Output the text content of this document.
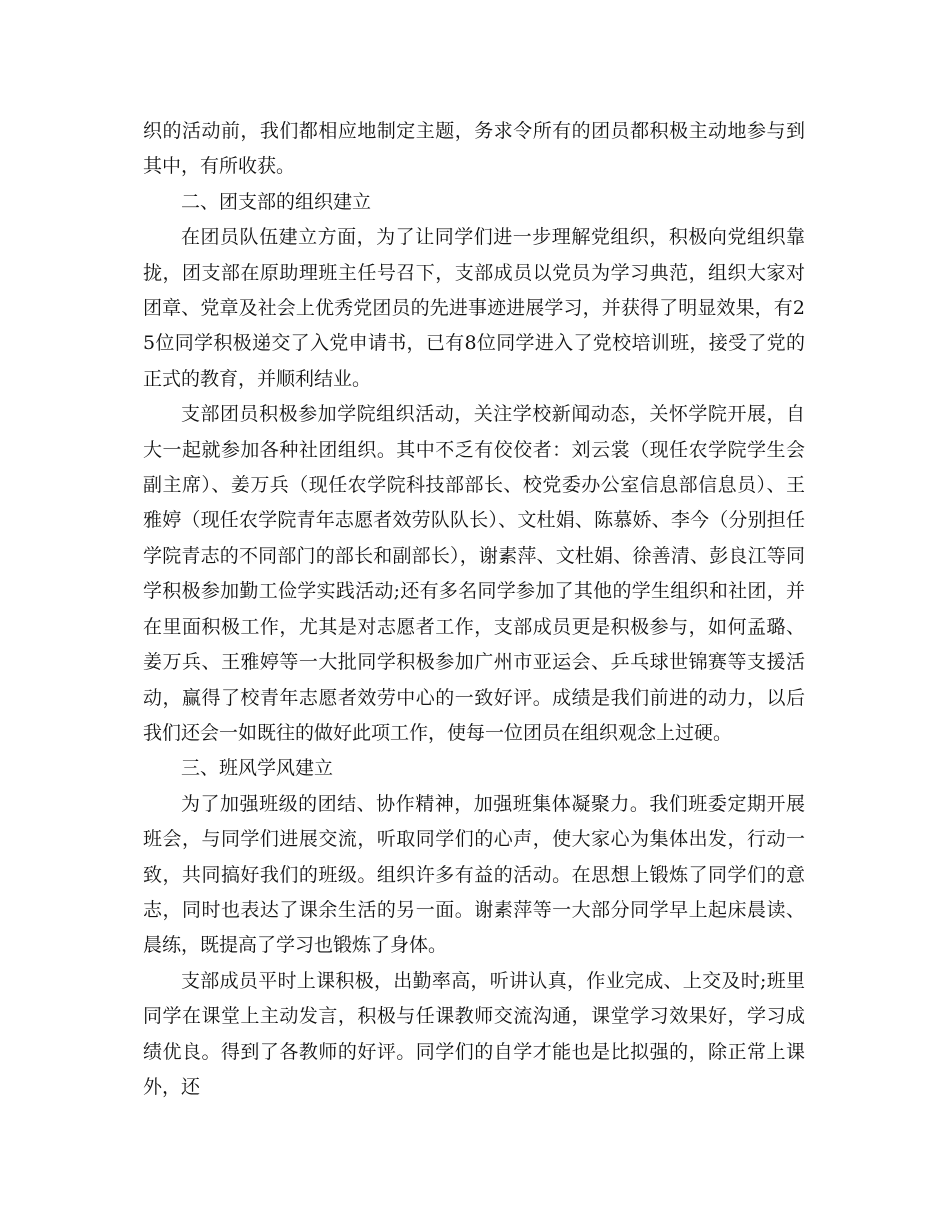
织的活动前，我们都相应地制定主题，务求令所有的团员都积极主动地参与到其中，有所收获。

二、团支部的组织建立

在团员队伍建立方面，为了让同学们进一步理解党组织，积极向党组织靠拢，团支部在原助理班主任号召下，支部成员以党员为学习典范，组织大家对团章、党章及社会上优秀党团员的先进事迹进展学习，并获得了明显效果，有25位同学积极递交了入党申请书，已有8位同学进入了党校培训班，接受了党的正式的教育，并顺利结业。

支部团员积极参加学院组织活动，关注学校新闻动态，关怀学院开展，自大一起就参加各种社团组织。其中不乏有佼佼者：刘云裳（现任农学院学生会副主席）、姜万兵（现任农学院科技部部长、校党委办公室信息部信息员）、王雅婷（现任农学院青年志愿者效劳队队长）、文杜娟、陈慕娇、李今（分别担任学院青志的不同部门的部长和副部长），谢素萍、文杜娟、徐善清、彭良江等同学积极参加勤工俭学实践活动;还有多名同学参加了其他的学生组织和社团，并在里面积极工作，尤其是对志愿者工作，支部成员更是积极参与，如何孟璐、姜万兵、王雅婷等一大批同学积极参加广州市亚运会、乒乓球世锦赛等支援活动，赢得了校青年志愿者效劳中心的一致好评。成绩是我们前进的动力，以后我们还会一如既往的做好此项工作，使每一位团员在组织观念上过硬。

三、班风学风建立

为了加强班级的团结、协作精神，加强班集体凝聚力。我们班委定期开展班会，与同学们进展交流，听取同学们的心声，使大家心为集体出发，行动一致，共同搞好我们的班级。组织许多有益的活动。在思想上锻炼了同学们的意志，同时也表达了课余生活的另一面。谢素萍等一大部分同学早上起床晨读、晨练，既提高了学习也锻炼了身体。

支部成员平时上课积极，出勤率高，听讲认真，作业完成、上交及时;班里同学在课堂上主动发言，积极与任课教师交流沟通，课堂学习效果好，学习成绩优良。得到了各教师的好评。同学们的自学才能也是比拟强的，除正常上课外，还
